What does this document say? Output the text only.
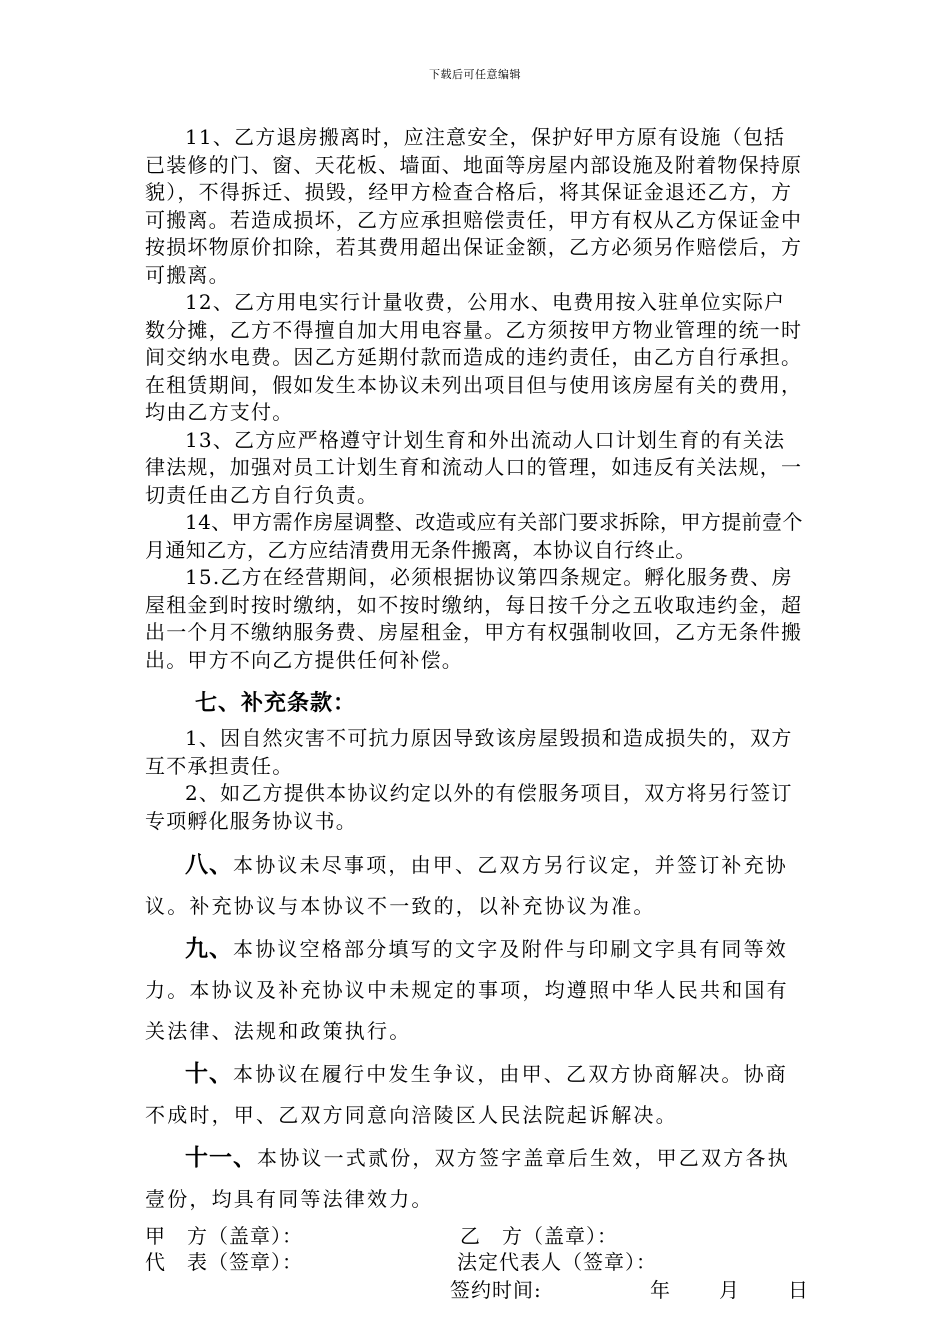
下载后可任意编辑

11、乙方退房搬离时，应注意安全，保护好甲方原有设施（包括已装修的门、窗、天花板、墙面、地面等房屋内部设施及附着物保持原貌），不得拆迁、损毁，经甲方检查合格后，将其保证金退还乙方，方可搬离。若造成损坏，乙方应承担赔偿责任，甲方有权从乙方保证金中按损坏物原价扣除，若其费用超出保证金额，乙方必须另作赔偿后，方可搬离。

12、乙方用电实行计量收费，公用水、电费用按入驻单位实际户数分摊，乙方不得擅自加大用电容量。乙方须按甲方物业管理的统一时间交纳水电费。因乙方延期付款而造成的违约责任，由乙方自行承担。在租赁期间，假如发生本协议未列出项目但与使用该房屋有关的费用，均由乙方支付。

13、乙方应严格遵守计划生育和外出流动人口计划生育的有关法律法规，加强对员工计划生育和流动人口的管理，如违反有关法规，一切责任由乙方自行负责。

14、甲方需作房屋调整、改造或应有关部门要求拆除，甲方提前壹个月通知乙方，乙方应结清费用无条件搬离，本协议自行终止。

15.乙方在经营期间，必须根据协议第四条规定。孵化服务费、房屋租金到时按时缴纳，如不按时缴纳，每日按千分之五收取违约金，超出一个月不缴纳服务费、房屋租金，甲方有权强制收回，乙方无条件搬出。甲方不向乙方提供任何补偿。

七、补充条款：

1、因自然灾害不可抗力原因导致该房屋毁损和造成损失的，双方互不承担责任。

2、如乙方提供本协议约定以外的有偿服务项目，双方将另行签订专项孵化服务协议书。

八、本协议未尽事项，由甲、乙双方另行议定，并签订补充协议。补充协议与本协议不一致的，以补充协议为准。

九、本协议空格部分填写的文字及附件与印刷文字具有同等效力。本协议及补充协议中未规定的事项，均遵照中华人民共和国有关法律、法规和政策执行。

十、本协议在履行中发生争议，由甲、乙双方协商解决。协商不成时，甲、乙双方同意向涪陵区人民法院起诉解决。

十一、本协议一式贰份，双方签字盖章后生效，甲乙双方各执壹份，均具有同等法律效力。

甲　方（盖章）：	乙　方（盖章）：
代　表（签章）：	法定代表人（签章）：
签约时间:	年 月 日
